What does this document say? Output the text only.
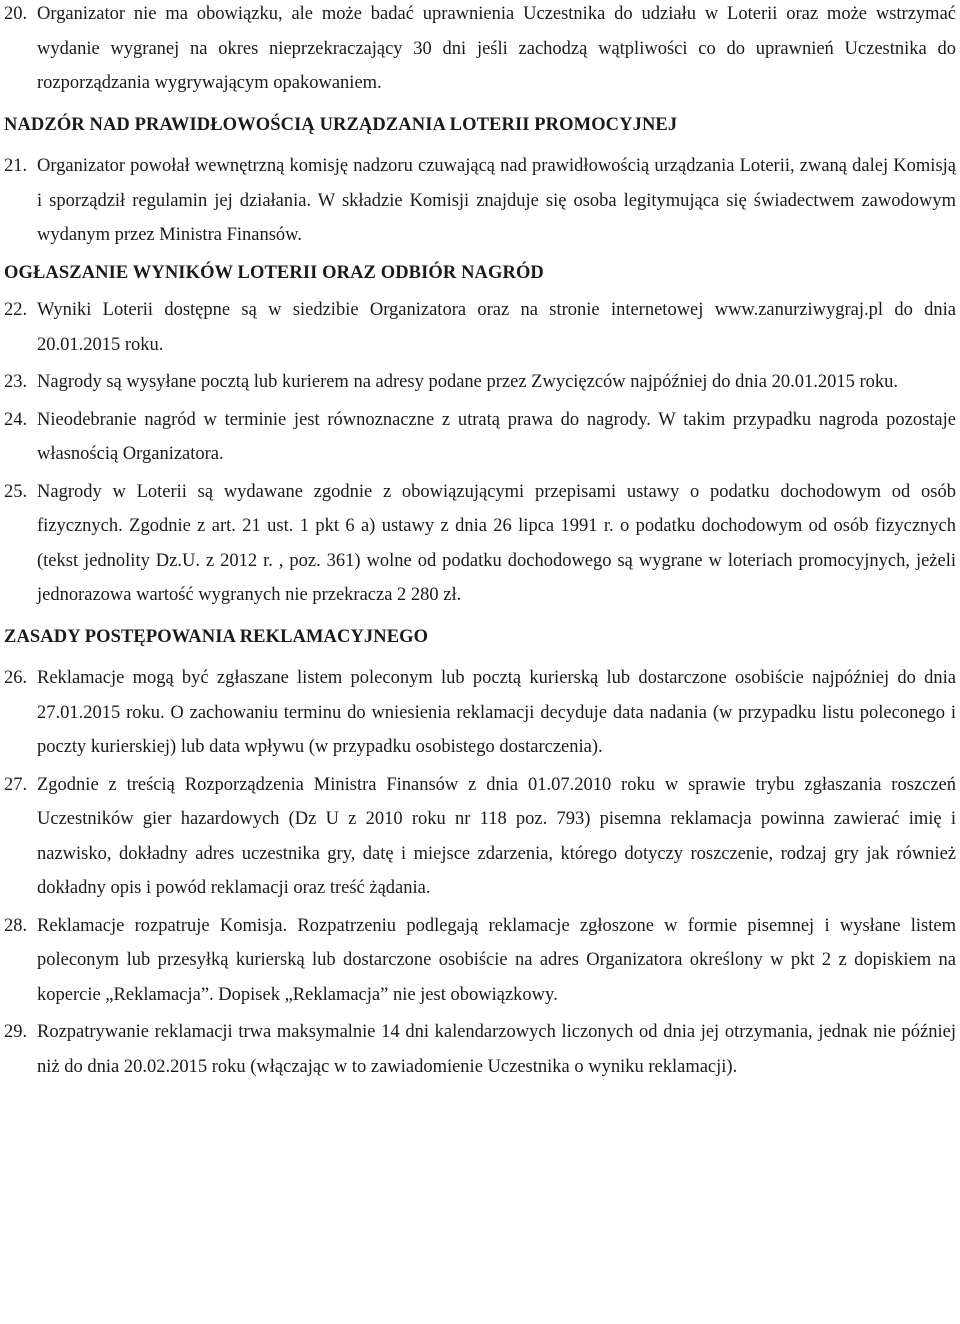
20. Organizator nie ma obowiązku, ale może badać uprawnienia Uczestnika do udziału w Loterii oraz może wstrzymać wydanie wygranej na okres nieprzekraczający 30 dni jeśli zachodzą wątpliwości co do uprawnień Uczestnika do rozporządzania wygrywającym opakowaniem.
NADZÓR NAD PRAWIDŁOWOŚCIĄ URZĄDZANIA LOTERII PROMOCYJNEJ
21. Organizator powołał wewnętrzną komisję nadzoru czuwającą nad prawidłowością urządzania Loterii, zwaną dalej Komisją i sporządził regulamin jej działania. W składzie Komisji znajduje się osoba legitymująca się świadectwem zawodowym wydanym przez Ministra Finansów.
OGŁASZANIE WYNIKÓW LOTERII ORAZ ODBIÓR NAGRÓD
22. Wyniki Loterii dostępne są w siedzibie Organizatora oraz na stronie internetowej www.zanurziwygraj.pl do dnia 20.01.2015 roku.
23. Nagrody są wysyłane pocztą lub kurierem na adresy podane przez Zwycięzców najpóźniej do dnia 20.01.2015 roku.
24. Nieodebranie nagród w terminie jest równoznaczne z utratą prawa do nagrody. W takim przypadku nagroda pozostaje własnością Organizatora.
25. Nagrody w Loterii są wydawane zgodnie z obowiązującymi przepisami ustawy o podatku dochodowym od osób fizycznych. Zgodnie z art. 21 ust. 1 pkt 6 a) ustawy z dnia 26 lipca 1991 r. o podatku dochodowym od osób fizycznych (tekst jednolity Dz.U. z 2012 r. , poz. 361) wolne od podatku dochodowego są wygrane w loteriach promocyjnych, jeżeli jednorazowa wartość wygranych nie przekracza 2 280 zł.
ZASADY POSTĘPOWANIA REKLAMACYJNEGO
26. Reklamacje mogą być zgłaszane listem poleconym lub pocztą kurierską lub dostarczone osobiście najpóźniej do dnia 27.01.2015 roku. O zachowaniu terminu do wniesienia reklamacji decyduje data nadania (w przypadku listu poleconego i poczty kurierskiej) lub data wpływu (w przypadku osobistego dostarczenia).
27. Zgodnie z treścią Rozporządzenia Ministra Finansów z dnia 01.07.2010 roku w sprawie trybu zgłaszania roszczeń Uczestników gier hazardowych (Dz U z 2010 roku nr 118 poz. 793) pisemna reklamacja powinna zawierać imię i nazwisko, dokładny adres uczestnika gry, datę i miejsce zdarzenia, którego dotyczy roszczenie, rodzaj gry jak również dokładny opis i powód reklamacji oraz treść żądania.
28. Reklamacje rozpatruje Komisja. Rozpatrzeniu podlegają reklamacje zgłoszone w formie pisemnej i wysłane listem poleconym lub przesyłką kurierską lub dostarczone osobiście na adres Organizatora określony w pkt 2 z dopiskiem na kopercie „Reklamacja”. Dopisek „Reklamacja” nie jest obowiązkowy.
29. Rozpatrywanie reklamacji trwa maksymalnie 14 dni kalendarzowych liczonych od dnia jej otrzymania, jednak nie później niż do dnia 20.02.2015 roku (włączając w to zawiadomienie Uczestnika o wyniku reklamacji).
